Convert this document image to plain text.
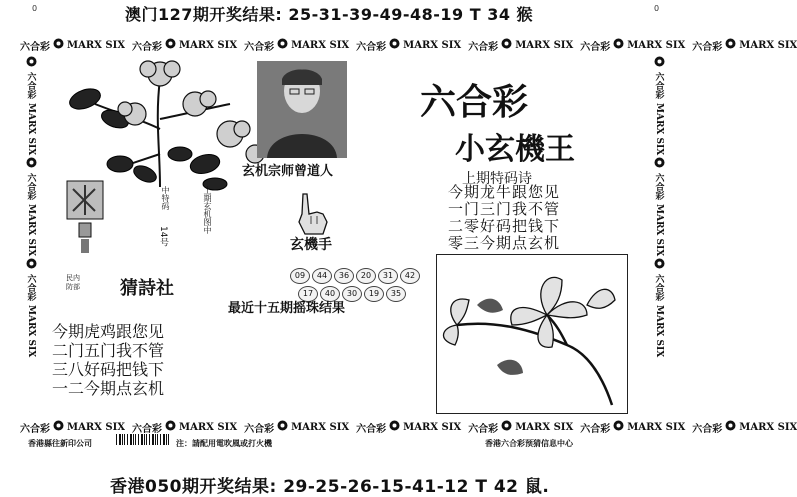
0	0
澳门127期开奖结果: 25-31-39-49-48-19 T 34 猴
六合彩 MARX SIX 六合彩 MARX SIX 六合彩 MARX SIX 六合彩 MARX SIX 六合彩 MARX SIX 六合彩 MARX SIX 六合彩 MARX SIX
六合彩 MARX SIX 六合彩 MARX SIX 六合彩 MARX SIX 六合彩 MARX SIX 六合彩 MARX SIX 六合彩 MARX SIX 六合彩 MARX SIX
六合彩
MARX SIX
六合彩
MARX SIX
六合彩
MARX SIX
六合彩
MARX SIX
六合彩
MARX SIX
六合彩
MARX SIX
玄机宗师曾道人
六合彩
小玄機王
上期特码诗
今期龙牛跟您见
一门三门我不管
二零好码把钱下
零三今期点玄机
中特码
14号
上期玄机图中
玄機手
09	44	36	20	31	42
17	40	30	19	35
最近十五期摇珠结果
民内
防部 猜詩社
今期虎鸡跟您见
二门五门我不管
三八好码把钱下
一二今期点玄机
香港縣往新印公司	注：請配用電吹風或打火機	香港六合彩预猜信息中心
香港050期开奖结果: 29-25-26-15-41-12 T 42 鼠.
